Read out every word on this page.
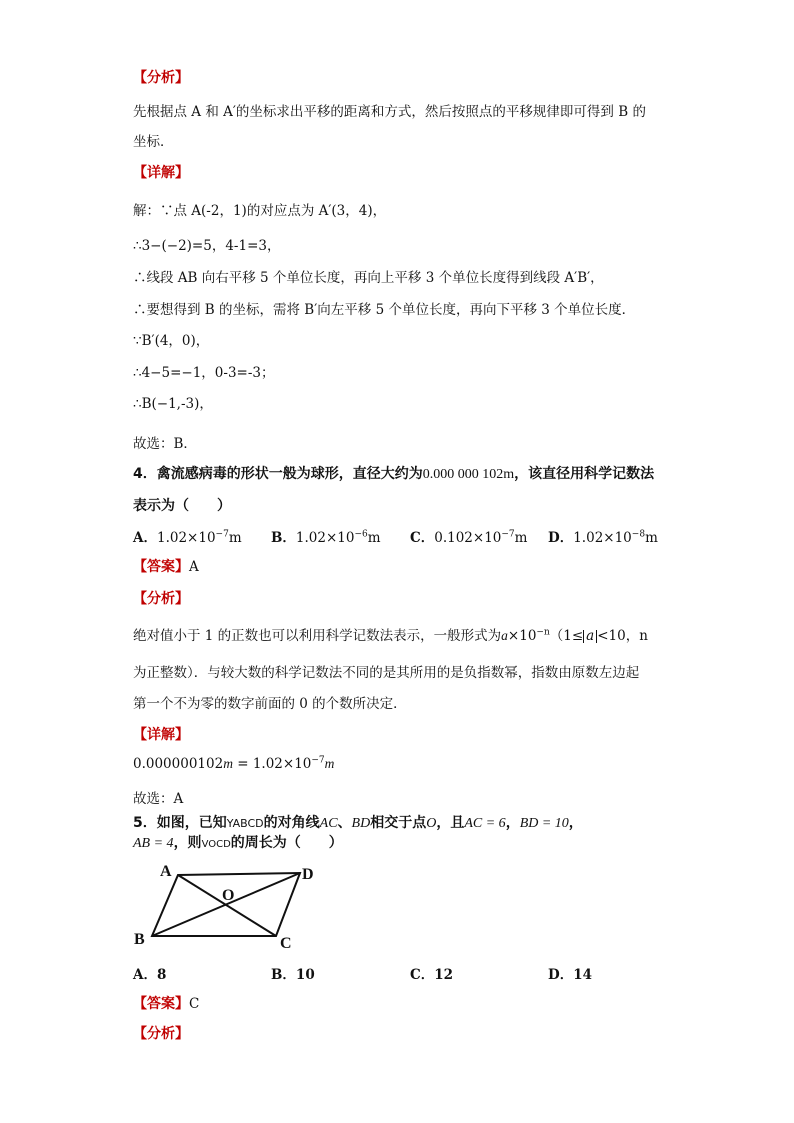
【分析】

先根据点 A 和 A′的坐标求出平移的距离和方式，然后按照点的平移规律即可得到 B 的

坐标．

【详解】

解：∵点 A(-2，1)的对应点为 A′(3，4)，

∴3−(−2)=5，4-1=3，

∴线段 AB 向右平移 5 个单位长度，再向上平移 3 个单位长度得到线段 A′B′，

∴要想得到 B 的坐标，需将 B′向左平移 5 个单位长度，再向下平移 3 个单位长度．

∵B′(4，0)，

∴4−5=−1，0-3=-3；

∴B(−1,-3)，

故选：B．

4．禽流感病毒的形状一般为球形，直径大约为0.000 000 102m，该直径用科学记数法

表示为（　　）

A．$1.02\times 10^{-7}m$ B．$1.02\times 10^{-6}m$ C．$0.102\times 10^{-7}m$ D．$1.02\times 10^{-8}m$

【答案】A

【分析】

绝对值小于 1 的正数也可以利用科学记数法表示，一般形式为$a\times 10^{-n}(1\le a <10$，n

为正整数）．与较大数的科学记数法不同的是其所用的是负指数幂，指数由原数左边起

第一个不为零的数字前面的 0 的个数所决定．

【详解】

$0.000000102m = 1.02\times 10^{-7}m$

故选：A

5．如图，已知YABCD的对角线AC、BD相交于点O，且AC = 6，BD = 10，

AB = 4，则VOCD的周长为（　　）

A	D
B	C
O
A．8	B．10	C．12	D．14

【答案】C

【分析】
